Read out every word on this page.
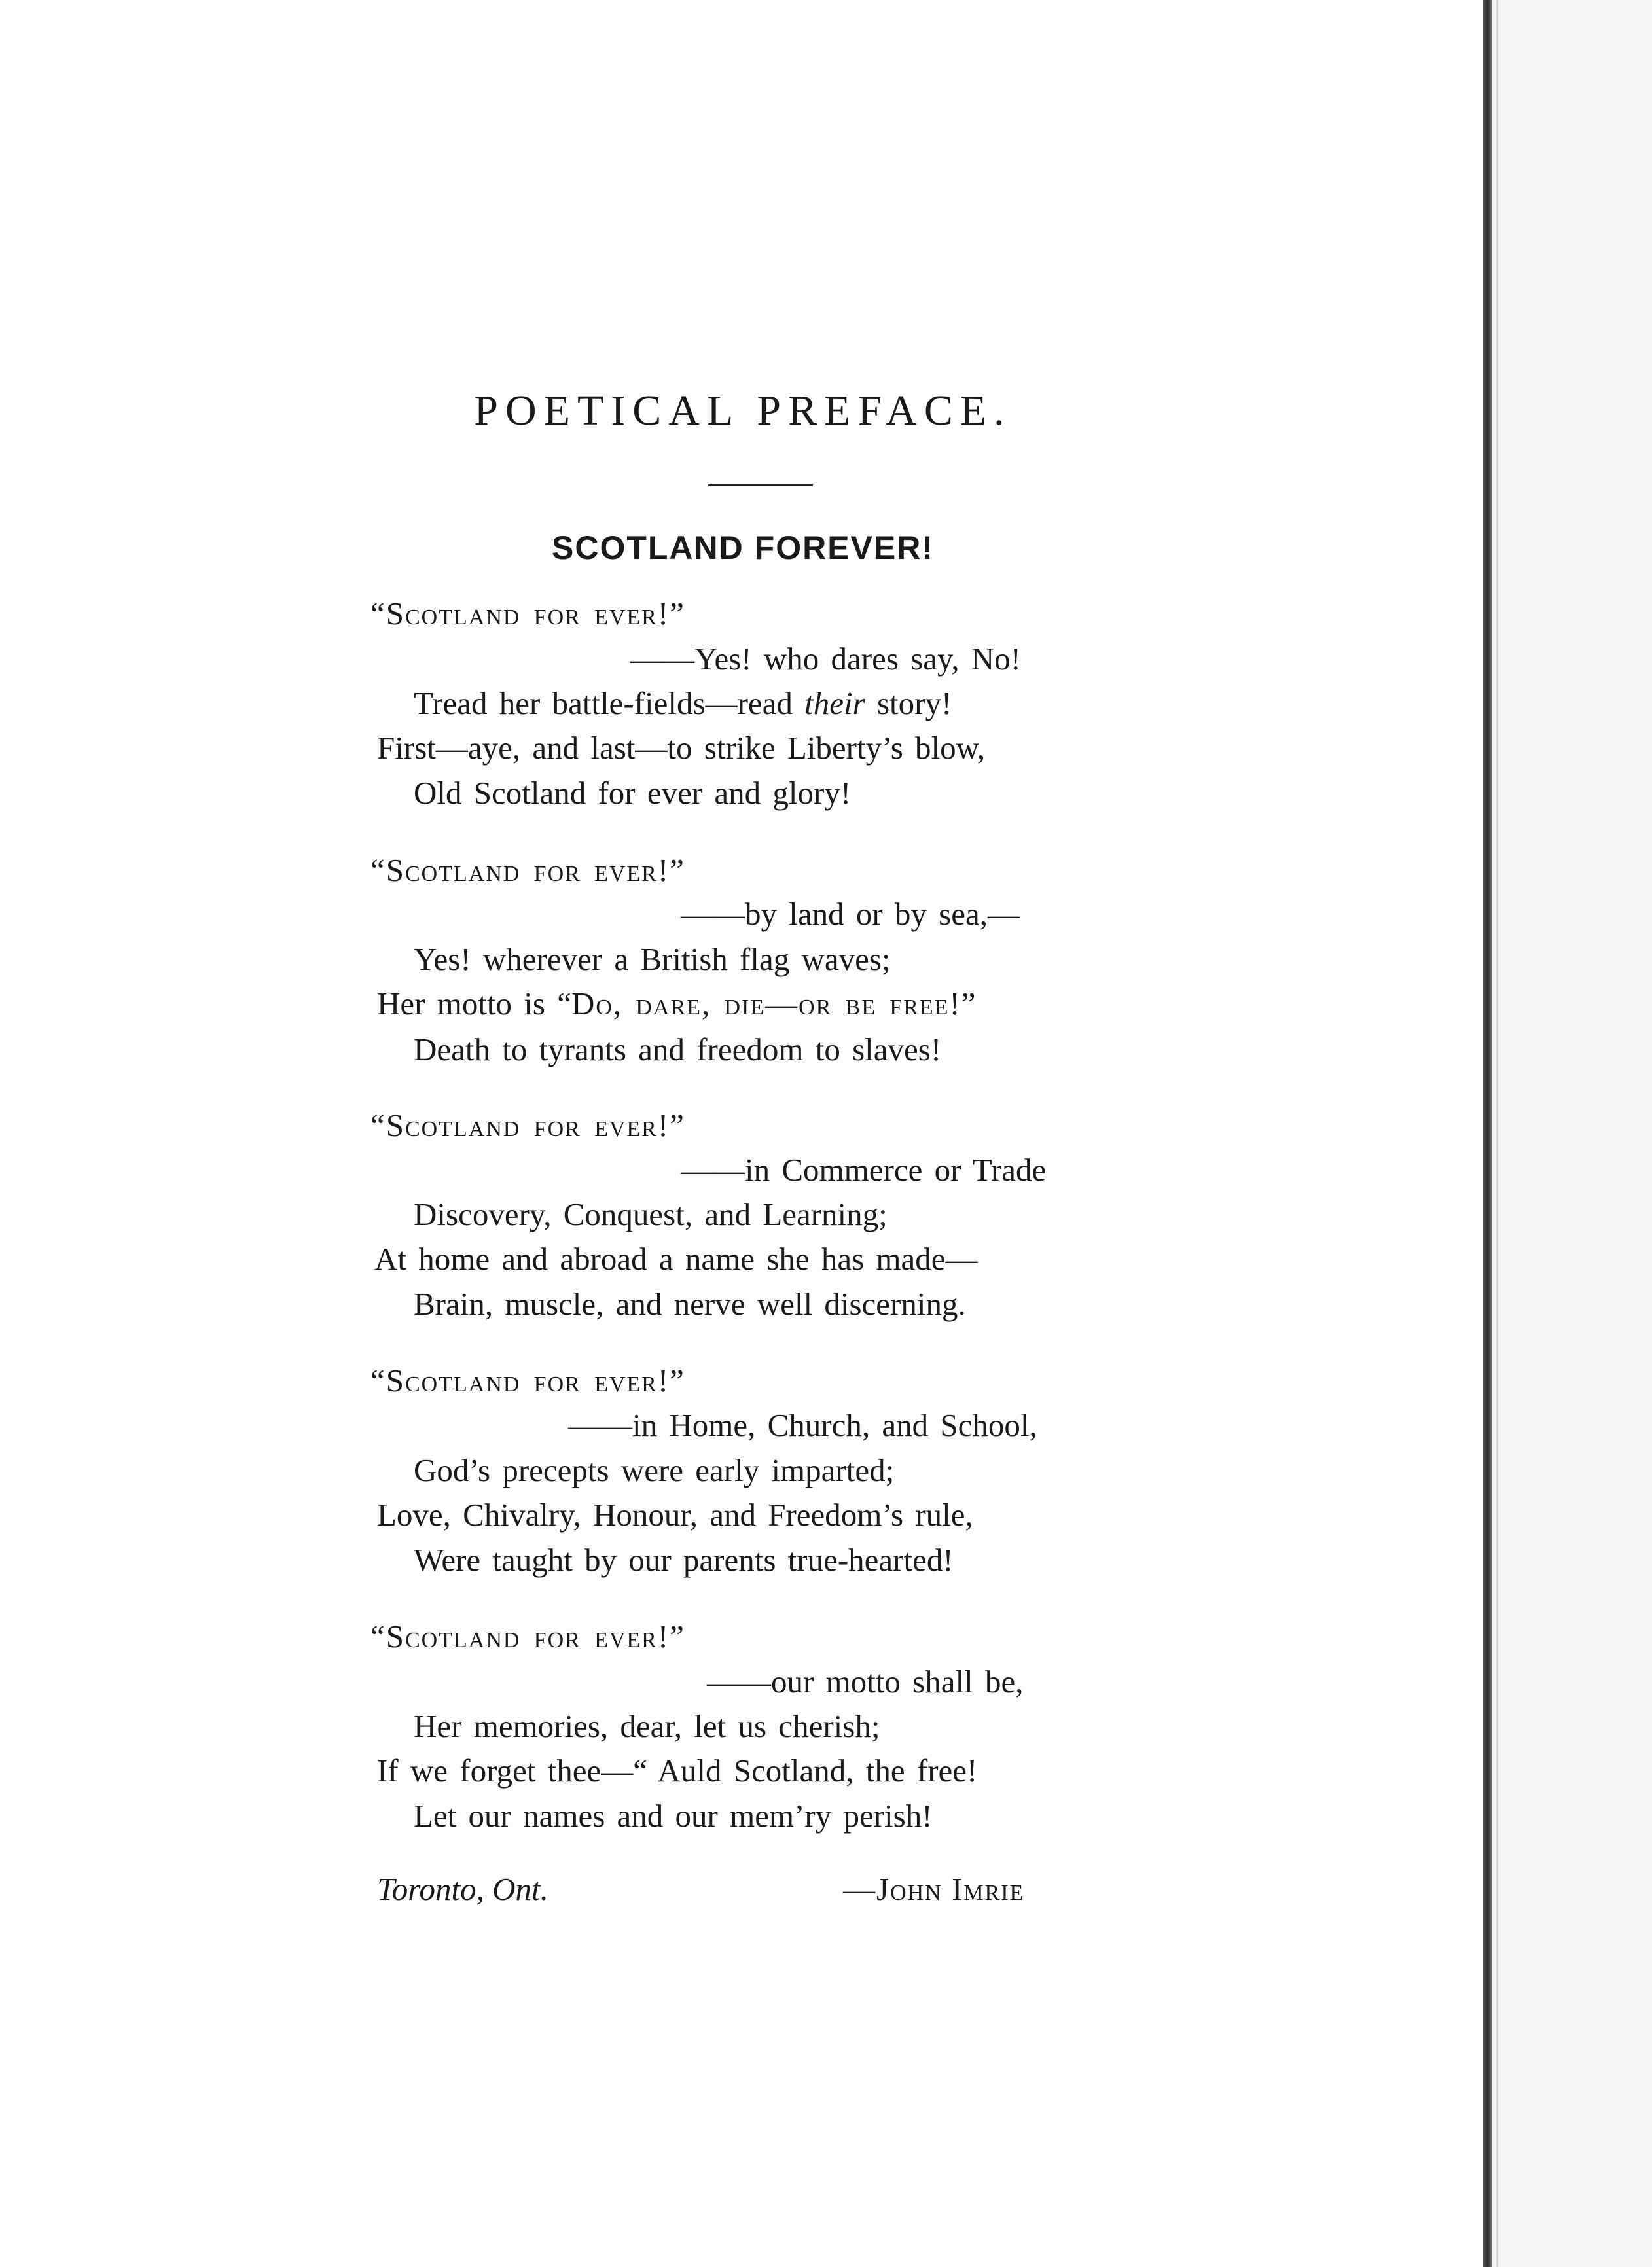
POETICAL PREFACE.
SCOTLAND FOREVER!
“Scotland for ever!”
——Yes! who dares say, No!
Tread her battle-fields—read their story!
First—aye, and last—to strike Liberty’s blow,
Old Scotland for ever and glory!
“Scotland for ever!”
——by land or by sea,—
Yes! wherever a British flag waves;
Her motto is “Do, dare, die—or be free!”
Death to tyrants and freedom to slaves!
“Scotland for ever!”
——in Commerce or Trade
Discovery, Conquest, and Learning;
At home and abroad a name she has made—
Brain, muscle, and nerve well discerning.
“Scotland for ever!”
——in Home, Church, and School,
God’s precepts were early imparted;
Love, Chivalry, Honour, and Freedom’s rule,
Were taught by our parents true-hearted!
“Scotland for ever!”
——our motto shall be,
Her memories, dear, let us cherish;
If we forget thee—“ Auld Scotland, the free!
Let our names and our mem’ry perish!
Toronto, Ont.	—John Imrie
